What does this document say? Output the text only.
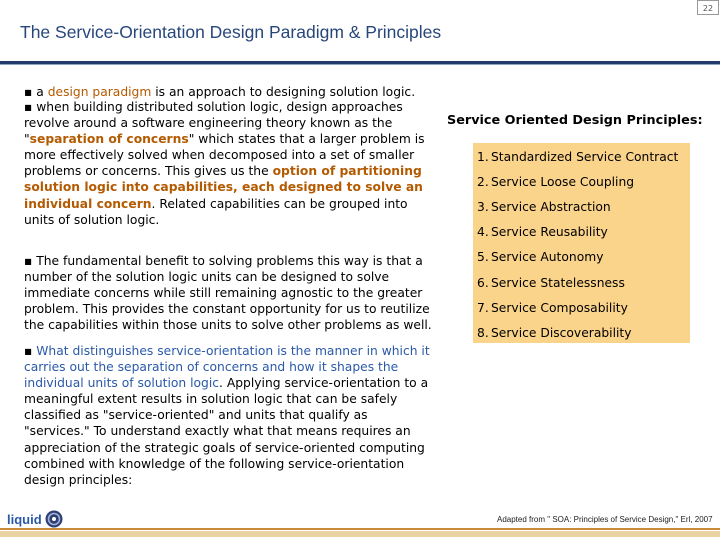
22
The Service-Orientation Design Paradigm & Principles

▪ a design paradigm is an approach to designing solution logic.

▪ when building distributed solution logic, design approaches revolve around a software engineering theory known as the "separation of concerns" which states that a larger problem is more effectively solved when decomposed into a set of smaller problems or concerns. This gives us the option of partitioning solution logic into capabilities, each designed to solve an individual concern. Related capabilities can be grouped into units of solution logic.

▪ The fundamental benefit to solving problems this way is that a number of the solution logic units can be designed to solve immediate concerns while still remaining agnostic to the greater problem. This provides the constant opportunity for us to reutilize the capabilities within those units to solve other problems as well.

▪ What distinguishes service-orientation is the manner in which it carries out the separation of concerns and how it shapes the individual units of solution logic. Applying service-orientation to a meaningful extent results in solution logic that can be safely classified as "service-oriented" and units that qualify as "services." To understand exactly what that means requires an appreciation of the strategic goals of service-oriented computing combined with knowledge of the following service-orientation design principles:

Service Oriented Design Principles:
1. Standardized Service Contract
2. Service Loose Coupling
3. Service Abstraction
4. Service Reusability
5. Service Autonomy
6. Service Statelessness
7. Service Composability
8. Service Discoverability
liquid	Adapted from " SOA: Principles of Service Design," Erl, 2007
